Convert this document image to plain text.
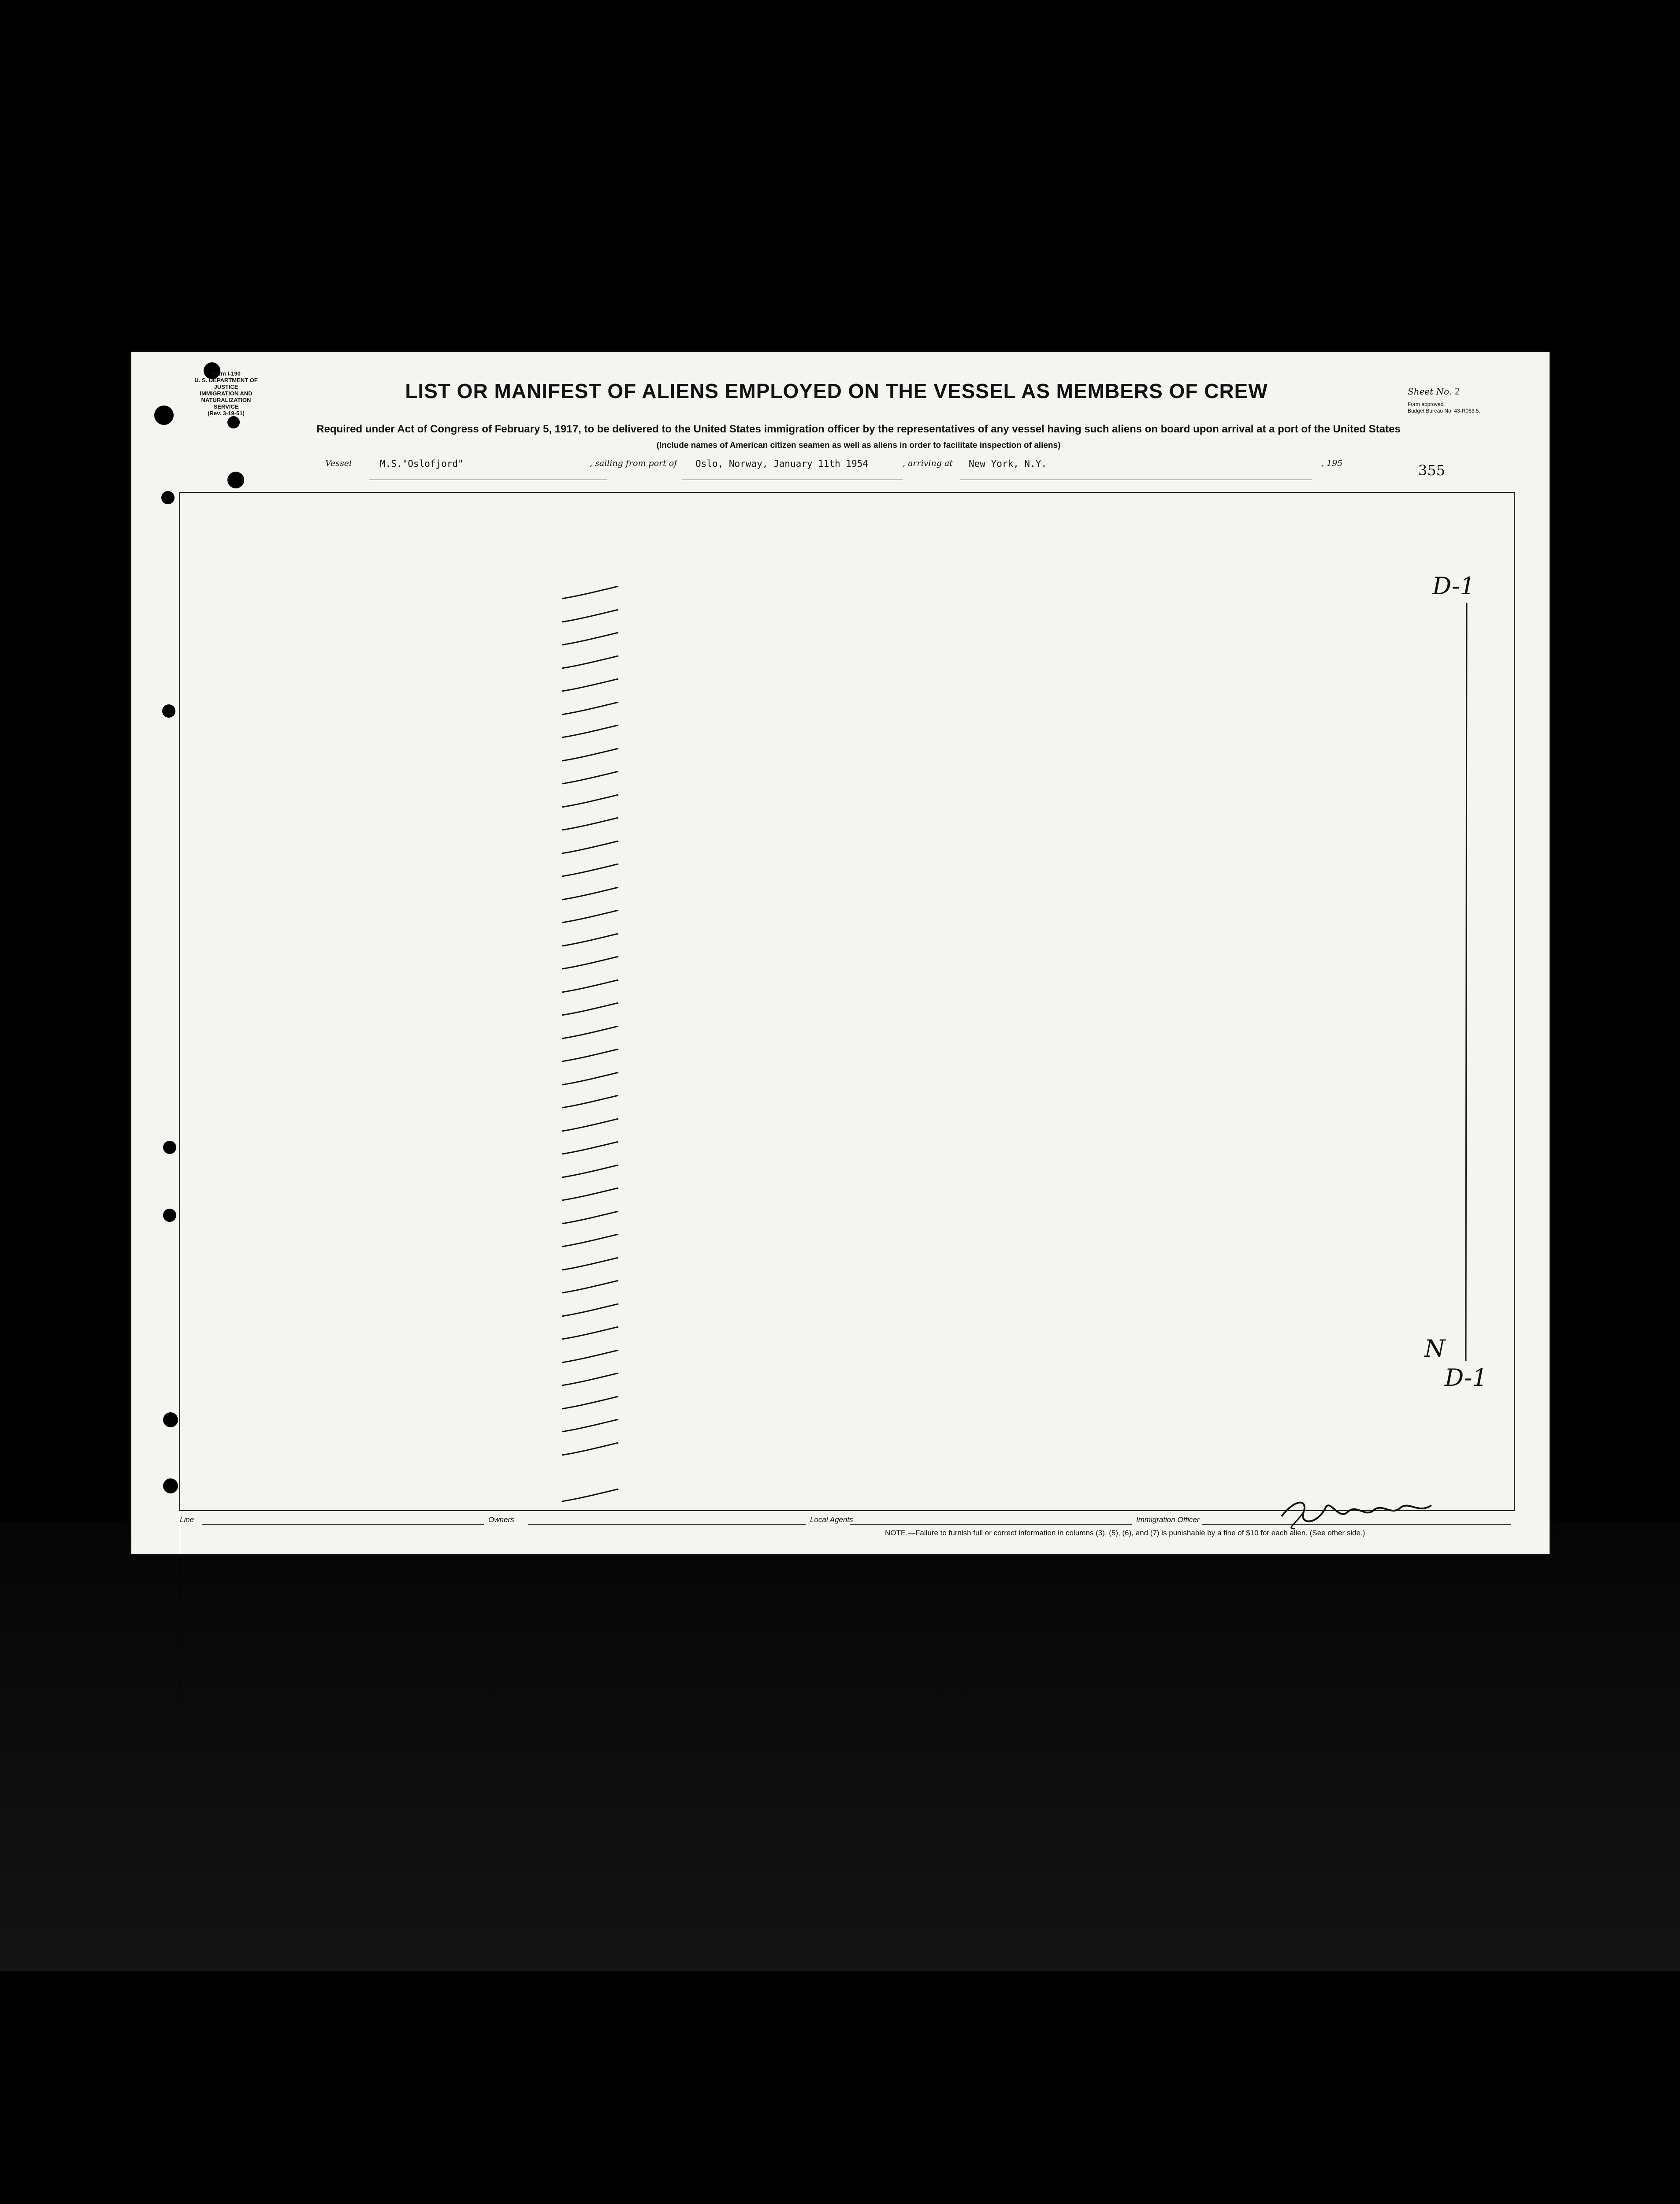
Form I-190
U. S. DEPARTMENT OF JUSTICE
IMMIGRATION AND NATURALIZATION SERVICE
(Rev. 3-19-51)
LIST OR MANIFEST OF ALIENS EMPLOYED ON THE VESSEL AS MEMBERS OF CREW
Required under Act of Congress of February 5, 1917, to be delivered to the United States immigration officer by the representatives of any vessel having such aliens on board upon arrival at a port of the United States
(Include names of American citizen seamen as well as aliens in order to facilitate inspection of aliens)
Sheet No. 2
Form approved.
Budget Bureau No. 43-R063.5.
Vessel	M.S."Oslofjord"	, sailing from port of Oslo, Norway, January 11th 1954	, arriving at New York, N.Y.	, 195	355
D-1
N
D-1
Line	Owners	Local Agents	Immigration Officer
NOTE.—Failure to furnish full or correct information in columns (3), (5), (6), and (7) is punishable by a fine of $10 for each alien. (See other side.)
